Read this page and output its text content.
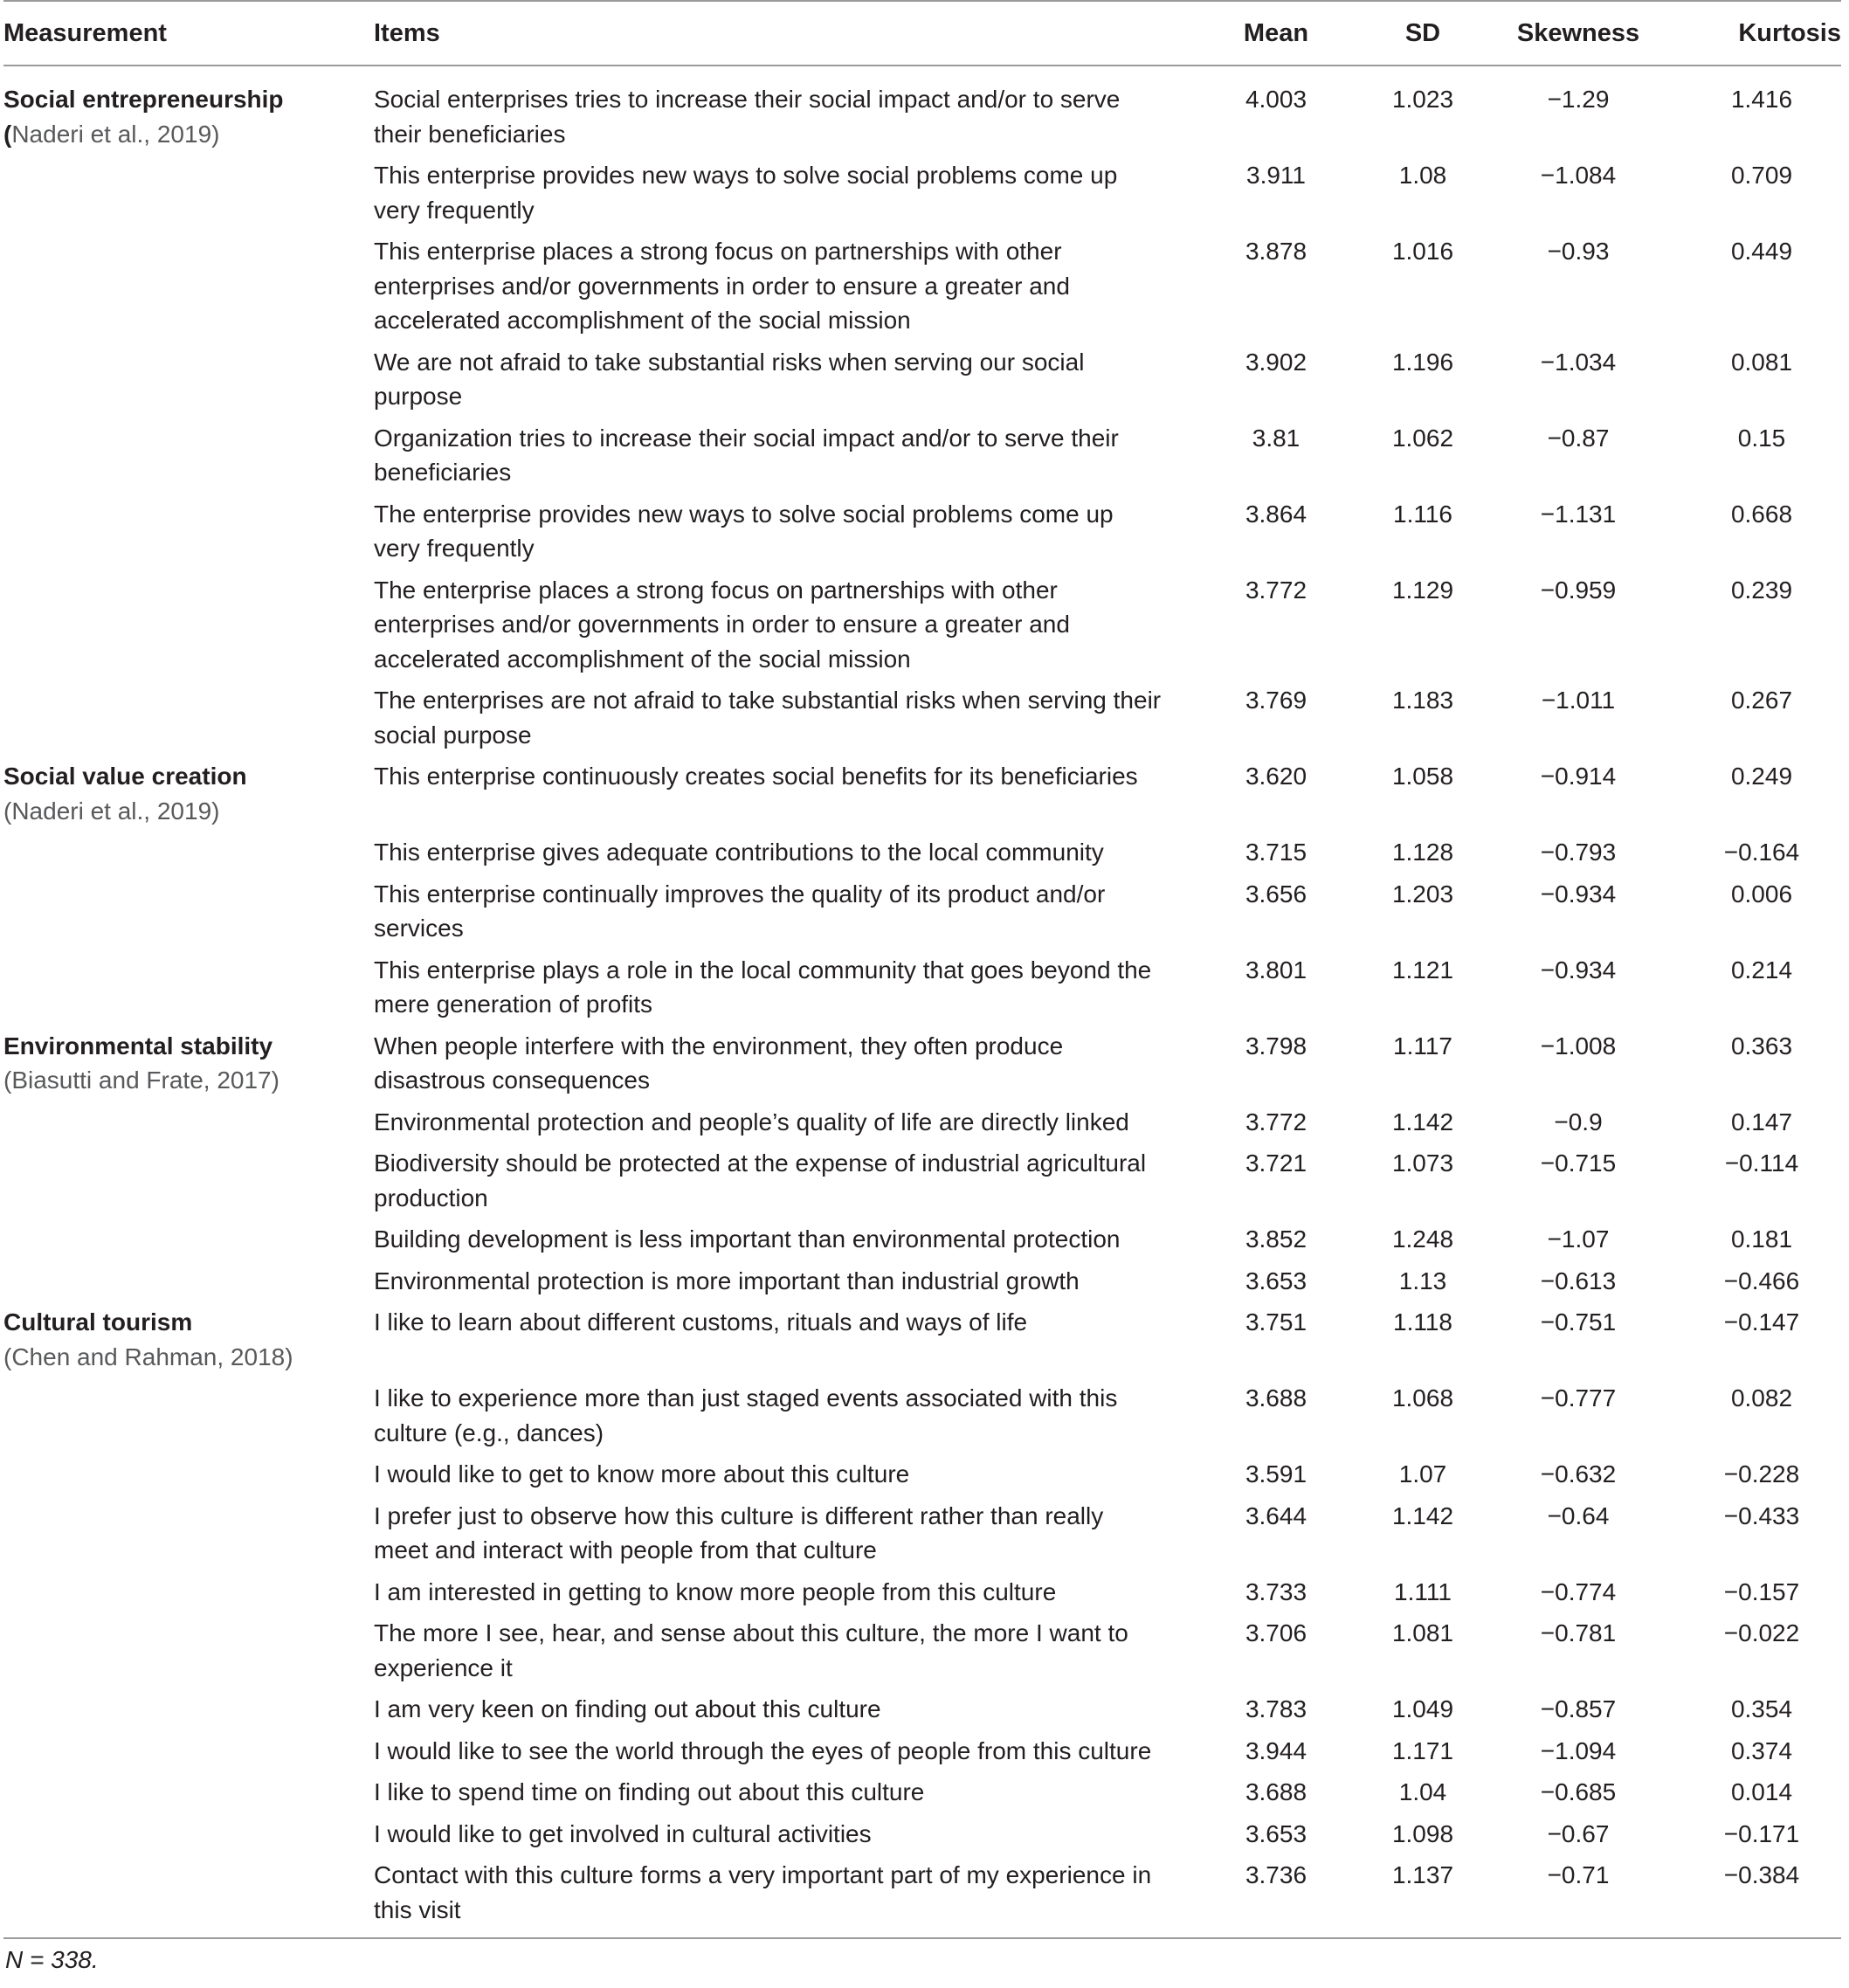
Measurement	Items	Mean	SD	Skewness	Kurtosis

Social entrepreneurship
(Naderi et al., 2019)	Social enterprises tries to increase their social impact and/or to serve their beneficiaries	4.003	1.023	−1.29	1.416
	This enterprise provides new ways to solve social problems come up very frequently	3.911	1.08	−1.084	0.709
	This enterprise places a strong focus on partnerships with other enterprises and/or governments in order to ensure a greater and accelerated accomplishment of the social mission	3.878	1.016	−0.93	0.449
	We are not afraid to take substantial risks when serving our social purpose	3.902	1.196	−1.034	0.081
	Organization tries to increase their social impact and/or to serve their beneficiaries	3.81	1.062	−0.87	0.15
	The enterprise provides new ways to solve social problems come up very frequently	3.864	1.116	−1.131	0.668
	The enterprise places a strong focus on partnerships with other enterprises and/or governments in order to ensure a greater and accelerated accomplishment of the social mission	3.772	1.129	−0.959	0.239
	The enterprises are not afraid to take substantial risks when serving their social purpose	3.769	1.183	−1.011	0.267

Social value creation
(Naderi et al., 2019)	This enterprise continuously creates social benefits for its beneficiaries	3.620	1.058	−0.914	0.249
	This enterprise gives adequate contributions to the local community	3.715	1.128	−0.793	−0.164
	This enterprise continually improves the quality of its product and/or services	3.656	1.203	−0.934	0.006
	This enterprise plays a role in the local community that goes beyond the mere generation of profits	3.801	1.121	−0.934	0.214

Environmental stability
(Biasutti and Frate, 2017)	When people interfere with the environment, they often produce disastrous consequences	3.798	1.117	−1.008	0.363
	Environmental protection and people’s quality of life are directly linked	3.772	1.142	−0.9	0.147
	Biodiversity should be protected at the expense of industrial agricultural production	3.721	1.073	−0.715	−0.114
	Building development is less important than environmental protection	3.852	1.248	−1.07	0.181
	Environmental protection is more important than industrial growth	3.653	1.13	−0.613	−0.466

Cultural tourism
(Chen and Rahman, 2018)	I like to learn about different customs, rituals and ways of life	3.751	1.118	−0.751	−0.147
	I like to experience more than just staged events associated with this culture (e.g., dances)	3.688	1.068	−0.777	0.082
	I would like to get to know more about this culture	3.591	1.07	−0.632	−0.228
	I prefer just to observe how this culture is different rather than really meet and interact with people from that culture	3.644	1.142	−0.64	−0.433
	I am interested in getting to know more people from this culture	3.733	1.111	−0.774	−0.157
	The more I see, hear, and sense about this culture, the more I want to experience it	3.706	1.081	−0.781	−0.022
	I am very keen on finding out about this culture	3.783	1.049	−0.857	0.354
	I would like to see the world through the eyes of people from this culture	3.944	1.171	−1.094	0.374
	I like to spend time on finding out about this culture	3.688	1.04	−0.685	0.014
	I would like to get involved in cultural activities	3.653	1.098	−0.67	−0.171
	Contact with this culture forms a very important part of my experience in this visit	3.736	1.137	−0.71	−0.384
N = 338.
